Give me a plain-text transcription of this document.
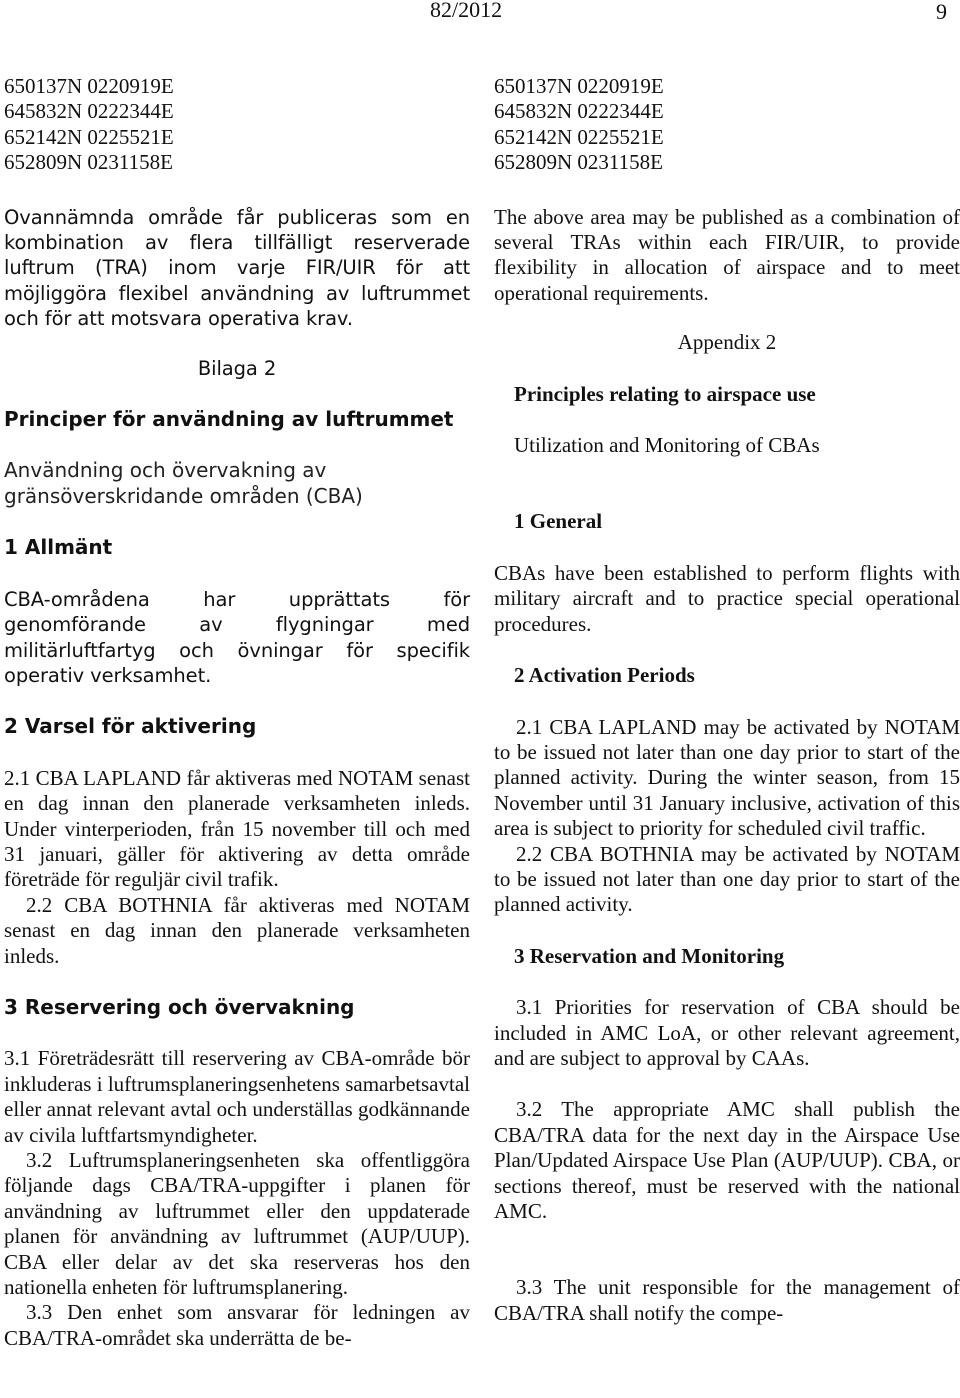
82/2012	9

650137N 0220919E

645832N 0222344E

652142N 0225521E

652809N 0231158E

Ovannämnda område får publiceras som en kombination av flera tillfälligt reserverade luftrum (TRA) inom varje FIR/UIR för att möjliggöra flexibel användning av luftrummet och för att motsvara operativa krav.

Bilaga 2

Principer för användning av luftrummet

Användning och övervakning av gränsöverskridande områden (CBA)

1 Allmänt

CBA-områdena har upprättats för genomförande av flygningar med militärluftfartyg och övningar för specifik operativ verksamhet.

2 Varsel för aktivering

2.1 CBA LAPLAND får aktiveras med NOTAM senast en dag innan den planerade verksamheten inleds. Under vinterperioden, från 15 november till och med 31 januari, gäller för aktivering av detta område företräde för reguljär civil trafik.

2.2 CBA BOTHNIA får aktiveras med NOTAM senast en dag innan den planerade verksamheten inleds.

3 Reservering och övervakning

3.1 Företrädesrätt till reservering av CBA-område bör inkluderas i luftrumsplaneringsenhetens samarbetsavtal eller annat relevant avtal och underställas godkännande av civila luftfartsmyndigheter.

3.2 Luftrumsplaneringsenheten ska offentliggöra följande dags CBA/TRA-uppgifter i planen för användning av luftrummet eller den uppdaterade planen för användning av luftrummet (AUP/UUP). CBA eller delar av det ska reserveras hos den nationella enheten för luftrumsplanering.

3.3 Den enhet som ansvarar för ledningen av CBA/TRA-området ska underrätta de be-

650137N 0220919E

645832N 0222344E

652142N 0225521E

652809N 0231158E

The above area may be published as a combination of several TRAs within each FIR/UIR, to provide flexibility in allocation of airspace and to meet operational requirements.

Appendix 2

Principles relating to airspace use

Utilization and Monitoring of CBAs

1 General

CBAs have been established to perform flights with military aircraft and to practice special operational procedures.

2 Activation Periods

2.1 CBA LAPLAND may be activated by NOTAM to be issued not later than one day prior to start of the planned activity. During the winter season, from 15 November until 31 January inclusive, activation of this area is subject to priority for scheduled civil traffic.

2.2 CBA BOTHNIA may be activated by NOTAM to be issued not later than one day prior to start of the planned activity.

3 Reservation and Monitoring

3.1 Priorities for reservation of CBA should be included in AMC LoA, or other relevant agreement, and are subject to approval by CAAs.

3.2 The appropriate AMC shall publish the CBA/TRA data for the next day in the Airspace Use Plan/Updated Airspace Use Plan (AUP/UUP). CBA, or sections thereof, must be reserved with the national AMC.

3.3 The unit responsible for the management of CBA/TRA shall notify the compe-
